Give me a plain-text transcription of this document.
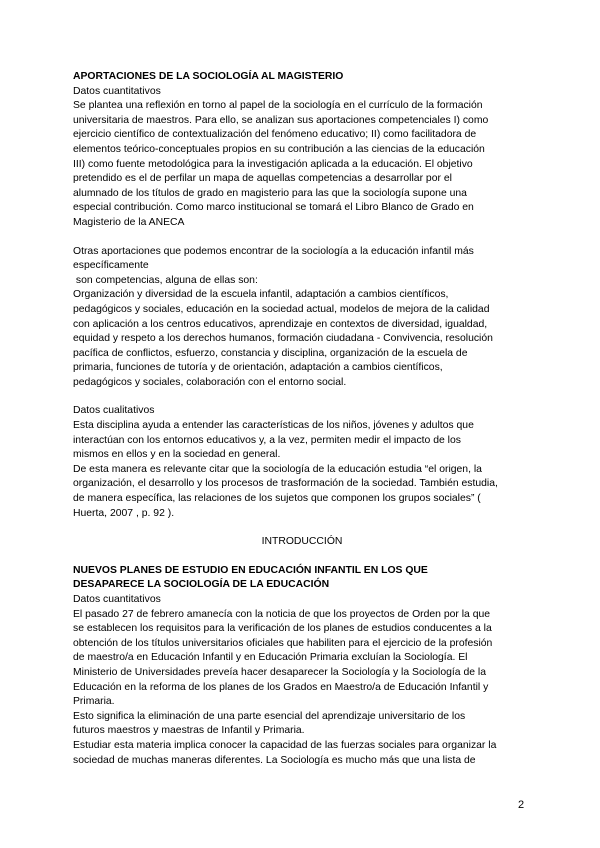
APORTACIONES DE LA SOCIOLOGÍA AL MAGISTERIO

Datos cuantitativos

Se plantea una reflexión en torno al papel de la sociología en el currículo de la formación
universitaria de maestros. Para ello, se analizan sus aportaciones competenciales I) como
ejercicio científico de contextualización del fenómeno educativo; II) como facilitadora de
elementos teórico-conceptuales propios en su contribución a las ciencias de la educación
III) como fuente metodológica para la investigación aplicada a la educación. El objetivo
pretendido es el de perfilar un mapa de aquellas competencias a desarrollar por el
alumnado de los títulos de grado en magisterio para las que la sociología supone una
especial contribución. Como marco institucional se tomará el Libro Blanco de Grado en
Magisterio de la ANECA
Otras aportaciones que podemos encontrar de la sociología a la educación infantil más
específicamente
son competencias, alguna de ellas son:
Organización y diversidad de la escuela infantil, adaptación a cambios científicos,
pedagógicos y sociales, educación en la sociedad actual, modelos de mejora de la calidad
con aplicación a los centros educativos, aprendizaje en contextos de diversidad, igualdad,
equidad y respeto a los derechos humanos, formación ciudadana - Convivencia, resolución
pacífica de conflictos, esfuerzo, constancia y disciplina, organización de la escuela de
primaria, funciones de tutoría y de orientación, adaptación a cambios científicos,
pedagógicos y sociales, colaboración con el entorno social.

Datos cualitativos

Esta disciplina ayuda a entender las características de los niños, jóvenes y adultos que
interactúan con los entornos educativos y, a la vez, permiten medir el impacto de los
mismos en ellos y en la sociedad en general.
De esta manera es relevante citar que la sociología de la educación estudia “el origen, la
organización, el desarrollo y los procesos de trasformación de la sociedad. También estudia,
de manera específica, las relaciones de los sujetos que componen los grupos sociales” (
Huerta, 2007 , p. 92 ).
INTRODUCCIÓN
NUEVOS PLANES DE ESTUDIO EN EDUCACIÓN INFANTIL EN LOS QUE
DESAPARECE LA SOCIOLOGÍA DE LA EDUCACIÓN

Datos cuantitativos

El pasado 27 de febrero amanecía con la noticia de que los proyectos de Orden por la que
se establecen los requisitos para la verificación de los planes de estudios conducentes a la
obtención de los títulos universitarios oficiales que habiliten para el ejercicio de la profesión
de maestro/a en Educación Infantil y en Educación Primaria excluían la Sociología. El
Ministerio de Universidades preveía hacer desaparecer la Sociología y la Sociología de la
Educación en la reforma de los planes de los Grados en Maestro/a de Educación Infantil y
Primaria.
Esto significa la eliminación de una parte esencial del aprendizaje universitario de los
futuros maestros y maestras de Infantil y Primaria.
Estudiar esta materia implica conocer la capacidad de las fuerzas sociales para organizar la
sociedad de muchas maneras diferentes. La Sociología es mucho más que una lista de
2
